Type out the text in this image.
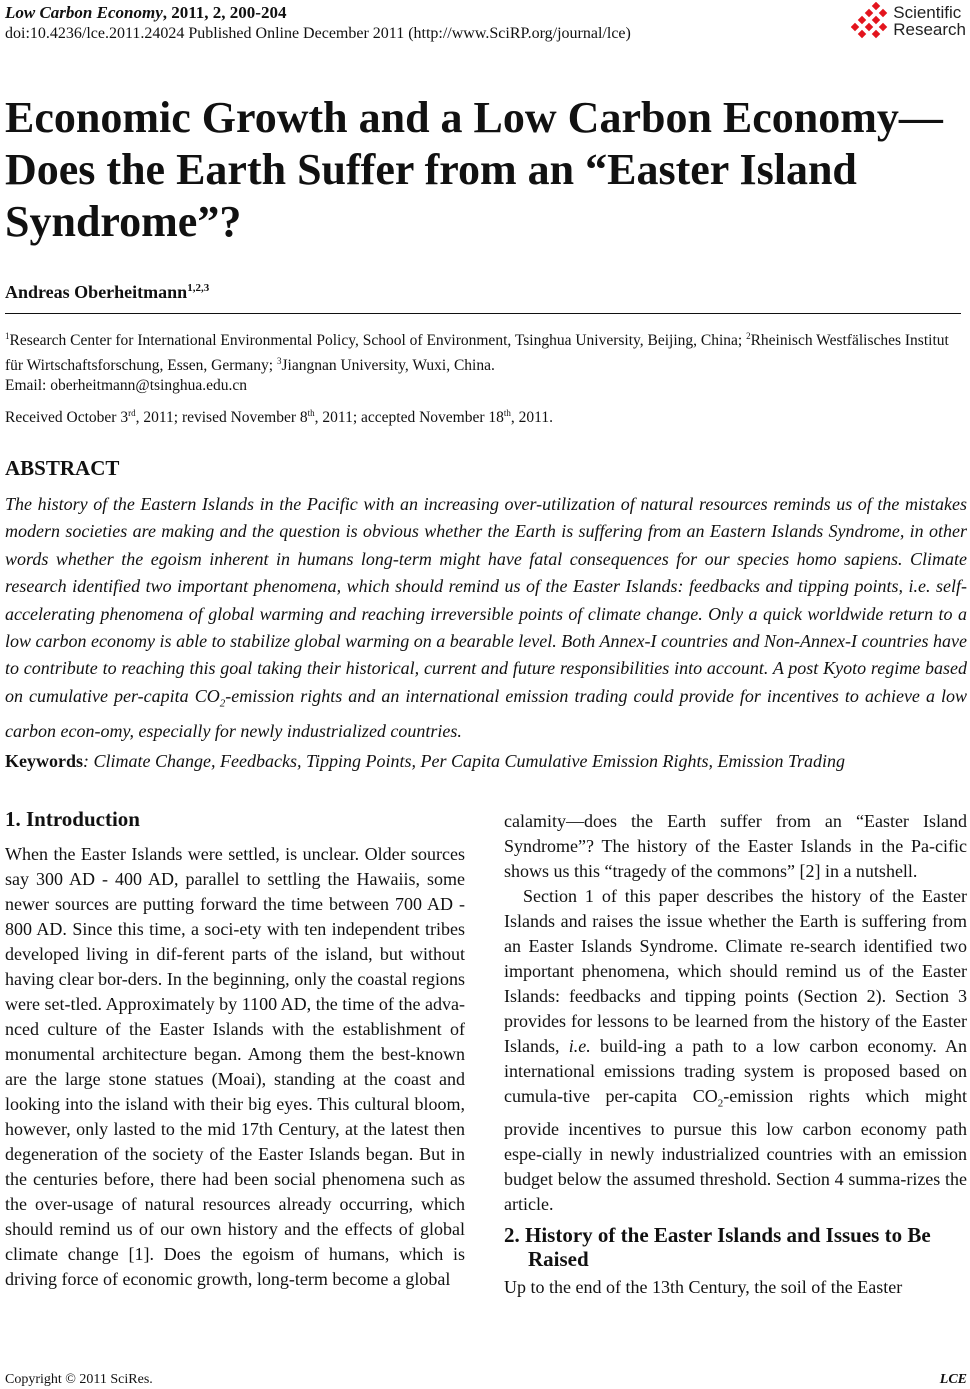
Low Carbon Economy, 2011, 2, 200-204
doi:10.4236/lce.2011.24024 Published Online December 2011 (http://www.SciRP.org/journal/lce)
Scientific
Research
Economic Growth and a Low Carbon Economy—Does the Earth Suffer from an “Easter Island Syndrome”?
Andreas Oberheitmann$^{1,2,3}$
$^1$Research Center for International Environmental Policy, School of Environment, Tsinghua University, Beijing, China; $^2$Rheinisch Westfälisches Institut für Wirtschaftsforschung, Essen, Germany; $^3$Jiangnan University, Wuxi, China.
Email: oberheitmann@tsinghua.edu.cn
Received October 3rd, 2011; revised November 8th, 2011; accepted November 18th, 2011.
ABSTRACT

The history of the Eastern Islands in the Pacific with an increasing over-utilization of natural resources reminds us of the mistakes modern societies are making and the question is obvious whether the Earth is suffering from an Eastern Islands Syndrome, in other words whether the egoism inherent in humans long-term might have fatal consequences for our species homo sapiens. Climate research identified two important phenomena, which should remind us of the Easter Islands: feedbacks and tipping points, i.e. self-accelerating phenomena of global warming and reaching irreversible points of climate change. Only a quick worldwide return to a low carbon economy is able to stabilize global warming on a bearable level. Both Annex-I countries and Non-Annex-I countries have to contribute to reaching this goal taking their historical, current and future responsibilities into account. A post Kyoto regime based on cumulative per-capita $CO_2$-emission rights and an international emission trading could provide for incentives to achieve a low carbon econ-omy, especially for newly industrialized countries.

Keywords: Climate Change, Feedbacks, Tipping Points, Per Capita Cumulative Emission Rights, Emission Trading
1. Introduction

When the Easter Islands were settled, is unclear. Older sources say 300 AD - 400 AD, parallel to settling the Hawaiis, some newer sources are putting forward the time between 700 AD - 800 AD. Since this time, a soci-ety with ten independent tribes developed living in dif-ferent parts of the island, but without having clear bor-ders. In the beginning, only the coastal regions were set-tled. Approximately by 1100 AD, the time of the adva-nced culture of the Easter Islands with the establishment of monumental architecture began. Among them the best-known are the large stone statues (Moai), standing at the coast and looking into the island with their big eyes. This cultural bloom, however, only lasted to the mid 17th Century, at the latest then degeneration of the society of the Easter Islands began. But in the centuries before, there had been social phenomena such as the over-usage of natural resources already occurring, which should remind us of our own history and the effects of global climate change [1]. Does the egoism of humans, which is driving force of economic growth, long-term become a global

calamity—does the Earth suffer from an “Easter Island Syndrome”? The history of the Easter Islands in the Pa-cific shows us this “tragedy of the commons” [2] in a nutshell.

Section 1 of this paper describes the history of the Easter Islands and raises the issue whether the Earth is suffering from an Easter Islands Syndrome. Climate re-search identified two important phenomena, which should remind us of the Easter Islands: feedbacks and tipping points (Section 2). Section 3 provides for lessons to be learned from the history of the Easter Islands, i.e. build-ing a path to a low carbon economy. An international emissions trading system is proposed based on cumula-tive per-capita $CO_2$-emission rights which might provide incentives to pursue this low carbon economy path espe-cially in newly industrialized countries with an emission budget below the assumed threshold. Section 4 summa-rizes the article.

2. History of the Easter Islands and Issues to Be Raised

Up to the end of the 13th Century, the soil of the Easter

Copyright © 2011 SciRes.	LCE
